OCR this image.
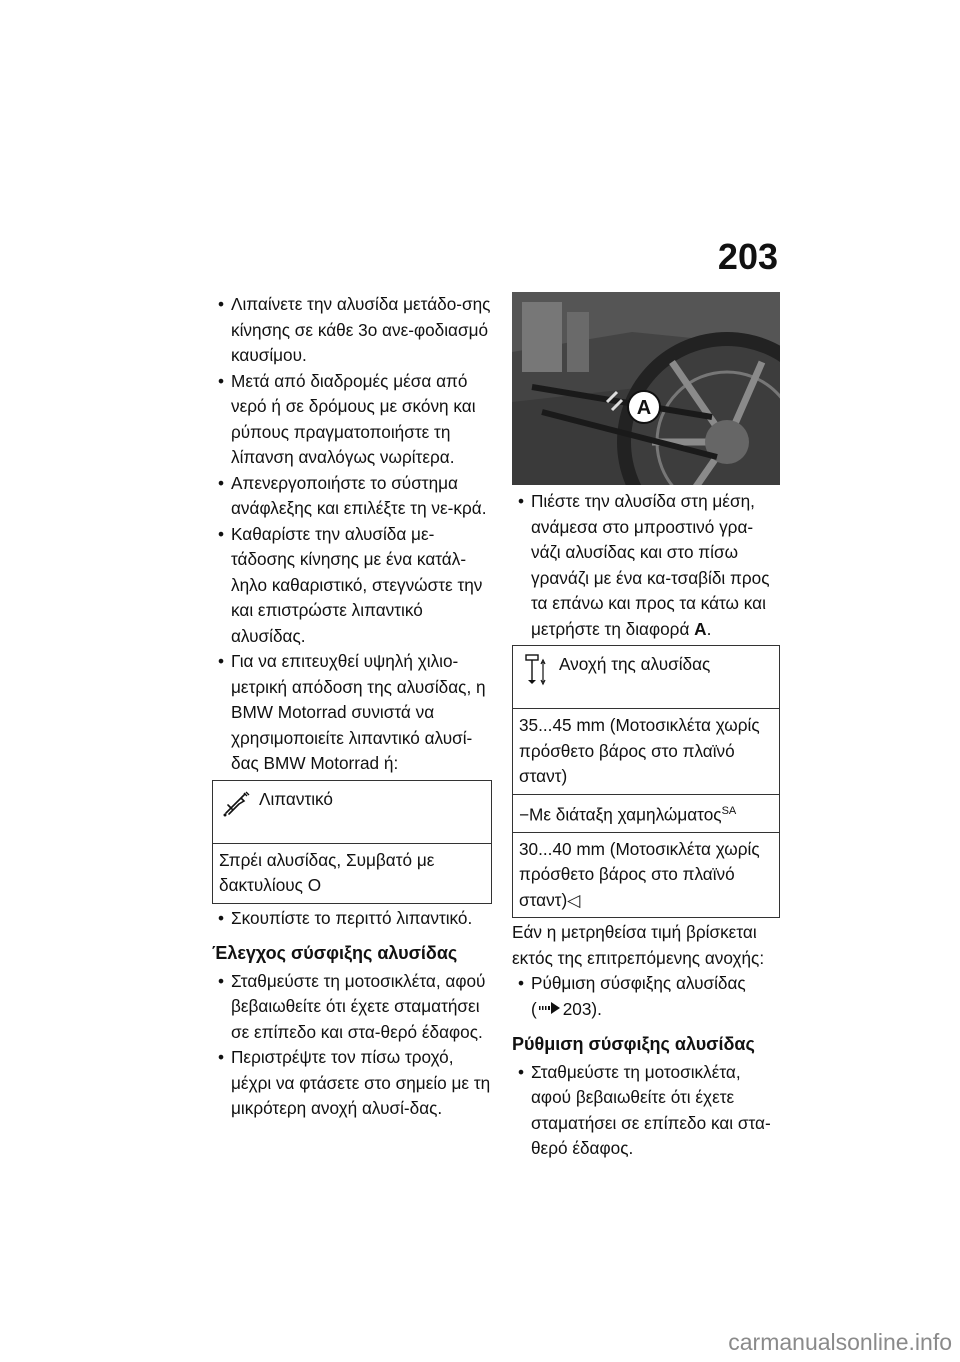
203
• Λιπαίνετε την αλυσίδα μετάδο-σης κίνησης σε κάθε 3ο ανε-φοδιασμό καυσίμου.
• Μετά από διαδρομές μέσα από νερό ή σε δρόμους με σκόνη και ρύπους πραγματοποιήστε τη λίπανση αναλόγως νωρίτερα.
• Απενεργοποιήστε το σύστημα ανάφλεξης και επιλέξτε τη νε-κρά.
• Καθαρίστε την αλυσίδα με-τάδοσης κίνησης με ένα κατάλ-ληλο καθαριστικό, στεγνώστε την και επιστρώστε λιπαντικό αλυσίδας.
• Για να επιτευχθεί υψηλή χιλιο-μετρική απόδοση της αλυσίδας, η BMW Motorrad συνιστά να χρησιμοποιείτε λιπαντικό αλυσί-δας BMW Motorrad ή:
Λιπαντικό
Σπρέι αλυσίδας, Συμβατό με δακτυλίους O
• Σκουπίστε το περιττό λιπαντικό.
Έλεγχος σύσφιξης αλυσίδας
• Σταθμεύστε τη μοτοσικλέτα, αφού βεβαιωθείτε ότι έχετε σταματήσει σε επίπεδο και στα-θερό έδαφος.
• Περιστρέψτε τον πίσω τροχό, μέχρι να φτάσετε στο σημείο με τη μικρότερη ανοχή αλυσί-δας.
A
• Πιέστε την αλυσίδα στη μέση, ανάμεσα στο μπροστινό γρα-νάζι αλυσίδας και στο πίσω γρανάζι με ένα κα-τσαβίδι προς τα επάνω και προς τα κάτω και μετρήστε τη διαφορά A.
Ανοχή της αλυσίδας
35...45 mm (Μοτοσικλέτα χωρίς πρόσθετο βάρος στο πλαϊνό σταντ)
−Με διάταξη χαμηλώματος$^{SA}$
30...40 mm (Μοτοσικλέτα χωρίς πρόσθετο βάρος στο πλαϊνό σταντ)◁

Εάν η μετρηθείσα τιμή βρίσκεται εκτός της επιτρεπόμενης ανοχής:

• Ρύθμιση σύσφιξης αλυσίδας
( 203).
Ρύθμιση σύσφιξης αλυσίδας
• Σταθμεύστε τη μοτοσικλέτα, αφού βεβαιωθείτε ότι έχετε σταματήσει σε επίπεδο και στα-θερό έδαφος.
carmanualsonline.info
